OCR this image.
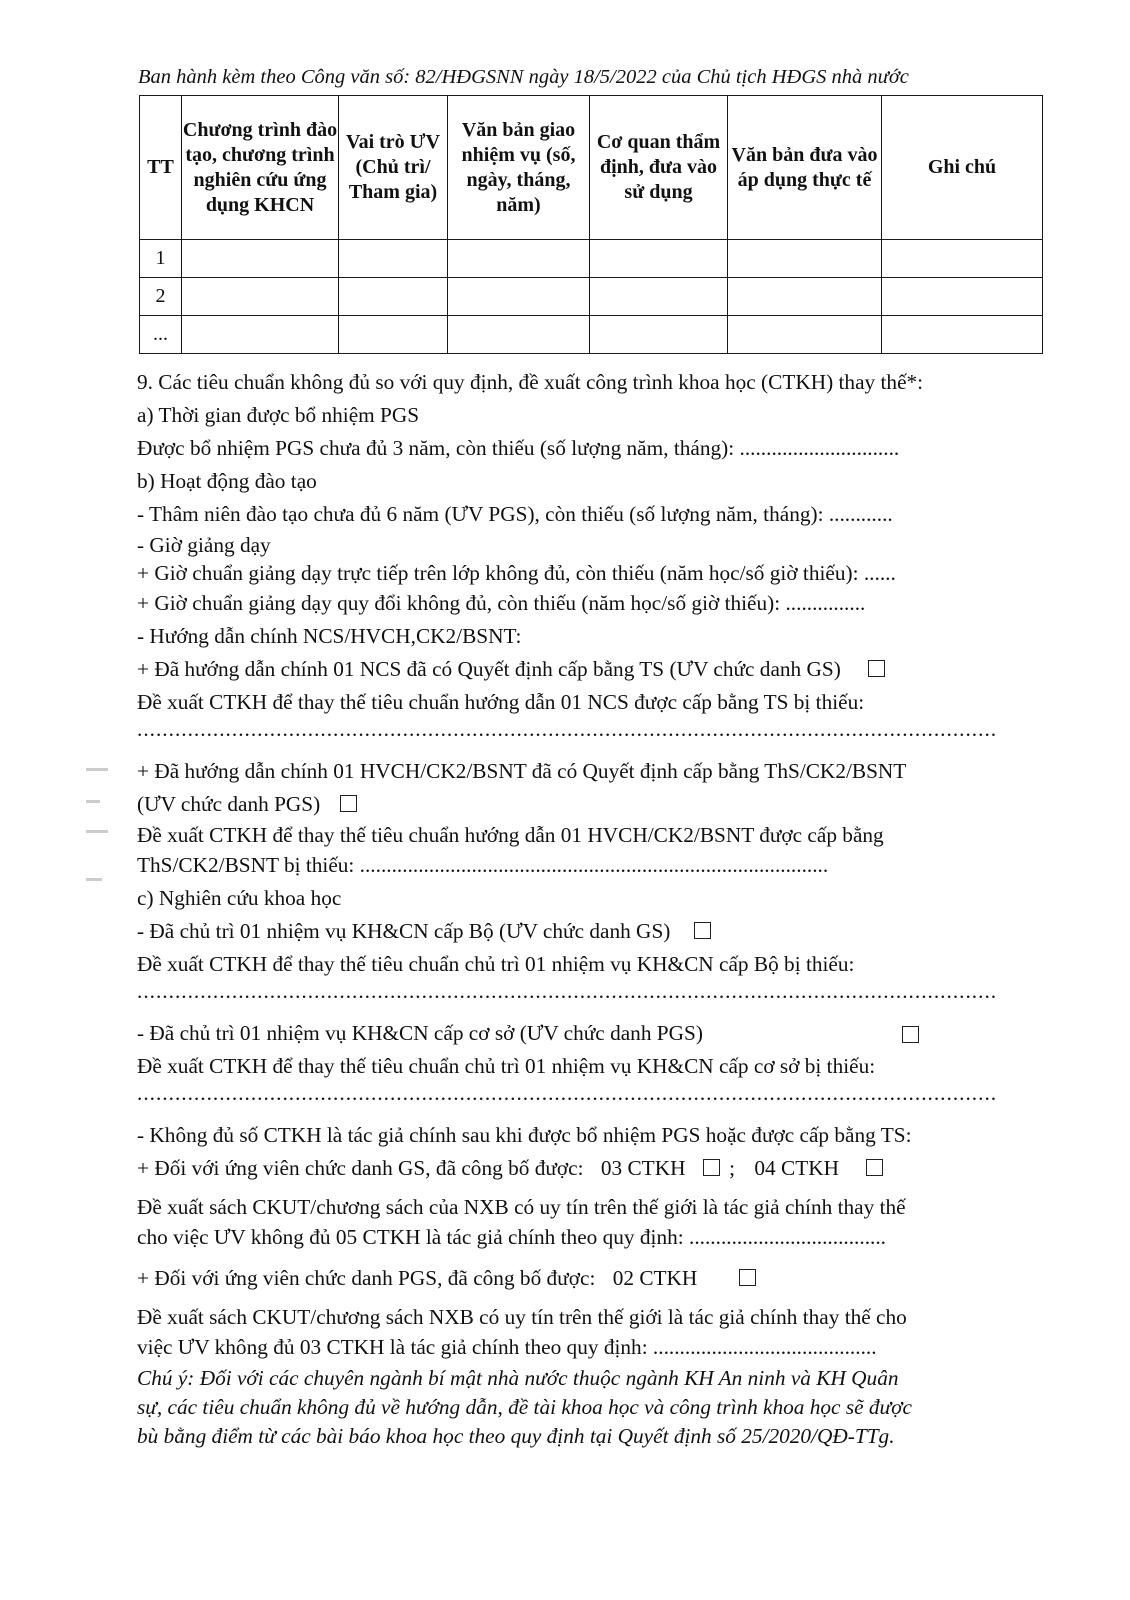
Ban hành kèm theo Công văn số: 82/HĐGSNN ngày 18/5/2022 của Chủ tịch HĐGS nhà nước
TT	Chương trình đào tạo, chương trình nghiên cứu ứng dụng KHCN	Vai trò ƯV (Chủ trì/ Tham gia)	Văn bản giao nhiệm vụ (số, ngày, tháng, năm)	Cơ quan thẩm định, đưa vào sử dụng	Văn bản đưa vào áp dụng thực tế	Ghi chú
1						
2						
...						
9. Các tiêu chuẩn không đủ so với quy định, đề xuất công trình khoa học (CTKH) thay thế*:
a) Thời gian được bổ nhiệm PGS
Được bổ nhiệm PGS chưa đủ 3 năm, còn thiếu (số lượng năm, tháng): ..............................
b) Hoạt động đào tạo
- Thâm niên đào tạo chưa đủ 6 năm (ƯV PGS), còn thiếu (số lượng năm, tháng): ............
- Giờ giảng dạy
+ Giờ chuẩn giảng dạy trực tiếp trên lớp không đủ, còn thiếu (năm học/số giờ thiếu): ......
+ Giờ chuẩn giảng dạy quy đổi không đủ, còn thiếu (năm học/số giờ thiếu): ...............
- Hướng dẫn chính NCS/HVCH,CK2/BSNT:
+ Đã hướng dẫn chính 01 NCS đã có Quyết định cấp bằng TS (ƯV chức danh GS)
Đề xuất CTKH để thay thế tiêu chuẩn hướng dẫn 01 NCS được cấp bằng TS bị thiếu:
........................................................................................................................................
+ Đã hướng dẫn chính 01 HVCH/CK2/BSNT đã có Quyết định cấp bằng ThS/CK2/BSNT
(ƯV chức danh PGS)
Đề xuất CTKH để thay thế tiêu chuẩn hướng dẫn 01 HVCH/CK2/BSNT được cấp bằng
ThS/CK2/BSNT bị thiếu: ........................................................................................
c) Nghiên cứu khoa học
- Đã chủ trì 01 nhiệm vụ KH&CN cấp Bộ (ƯV chức danh GS)
Đề xuất CTKH để thay thế tiêu chuẩn chủ trì 01 nhiệm vụ KH&CN cấp Bộ bị thiếu:
........................................................................................................................................
- Đã chủ trì 01 nhiệm vụ KH&CN cấp cơ sở (ƯV chức danh PGS)
Đề xuất CTKH để thay thế tiêu chuẩn chủ trì 01 nhiệm vụ KH&CN cấp cơ sở bị thiếu:
........................................................................................................................................
- Không đủ số CTKH là tác giả chính sau khi được bổ nhiệm PGS hoặc được cấp bằng TS:
+ Đối với ứng viên chức danh GS, đã công bố được: 03 CTKH ; 04 CTKH
Đề xuất sách CKUT/chương sách của NXB có uy tín trên thế giới là tác giả chính thay thế
cho việc ƯV không đủ 05 CTKH là tác giả chính theo quy định: .....................................
+ Đối với ứng viên chức danh PGS, đã công bố được: 02 CTKH
Đề xuất sách CKUT/chương sách NXB có uy tín trên thế giới là tác giả chính thay thế cho
việc ƯV không đủ 03 CTKH là tác giả chính theo quy định: ..........................................
Chú ý: Đối với các chuyên ngành bí mật nhà nước thuộc ngành KH An ninh và KH Quân
sự, các tiêu chuẩn không đủ về hướng dẫn, đề tài khoa học và công trình khoa học sẽ được
bù bằng điểm từ các bài báo khoa học theo quy định tại Quyết định số 25/2020/QĐ-TTg.
